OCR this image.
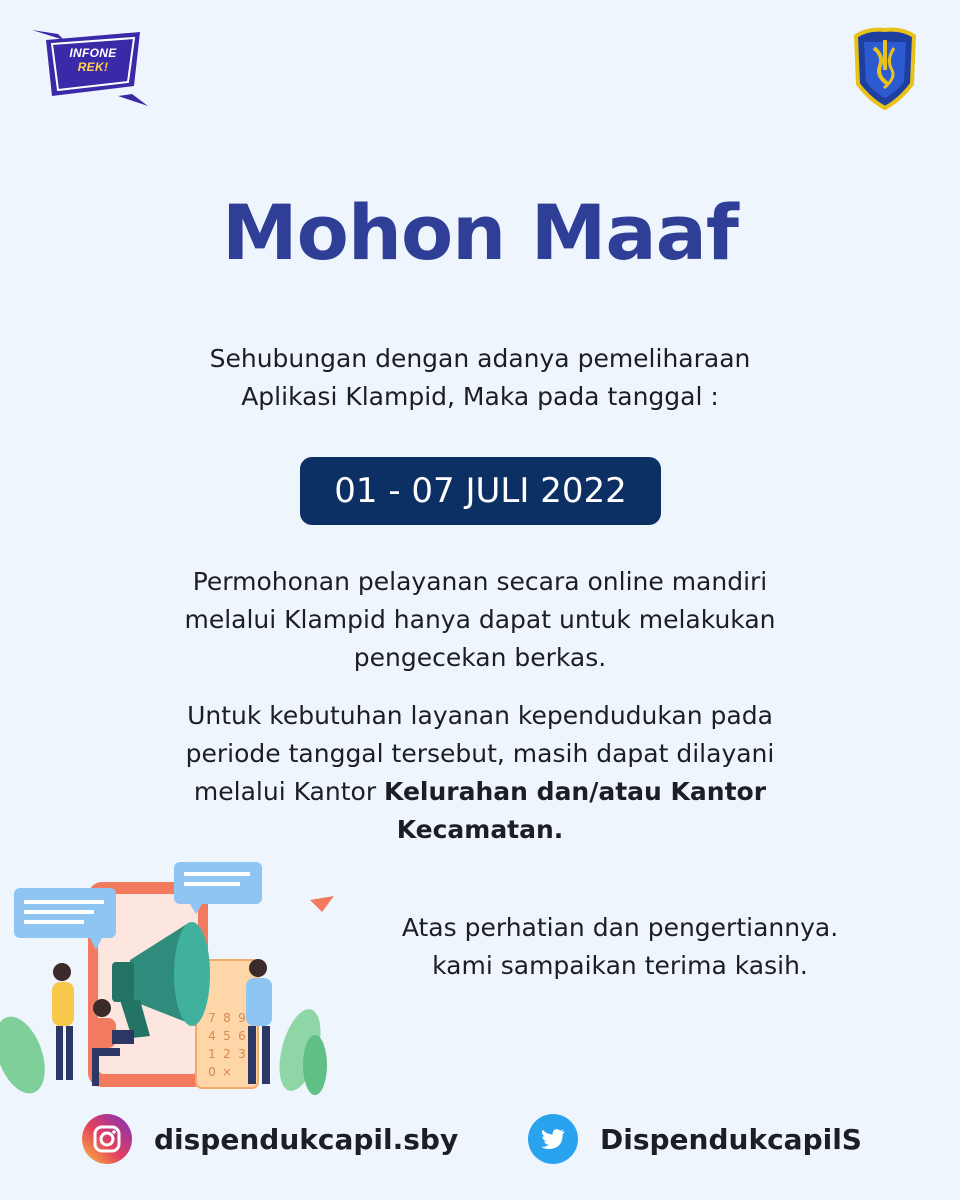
INFONE
REK!
Mohon Maaf
Sehubungan dengan adanya pemeliharaan
Aplikasi Klampid, Maka pada tanggal :
01 - 07 JULI 2022
Permohonan pelayanan secara online mandiri
melalui Klampid hanya dapat untuk melakukan
pengecekan berkas.
Untuk kebutuhan layanan kependudukan pada
periode tanggal tersebut, masih dapat dilayani
melalui Kantor Kelurahan dan/atau Kantor
Kecamatan.
7 8 9
4 5 6
1 2 3
0 ×
Atas perhatian dan pengertiannya.
kami sampaikan terima kasih.
dispendukcapil.sby	DispendukcapilS
